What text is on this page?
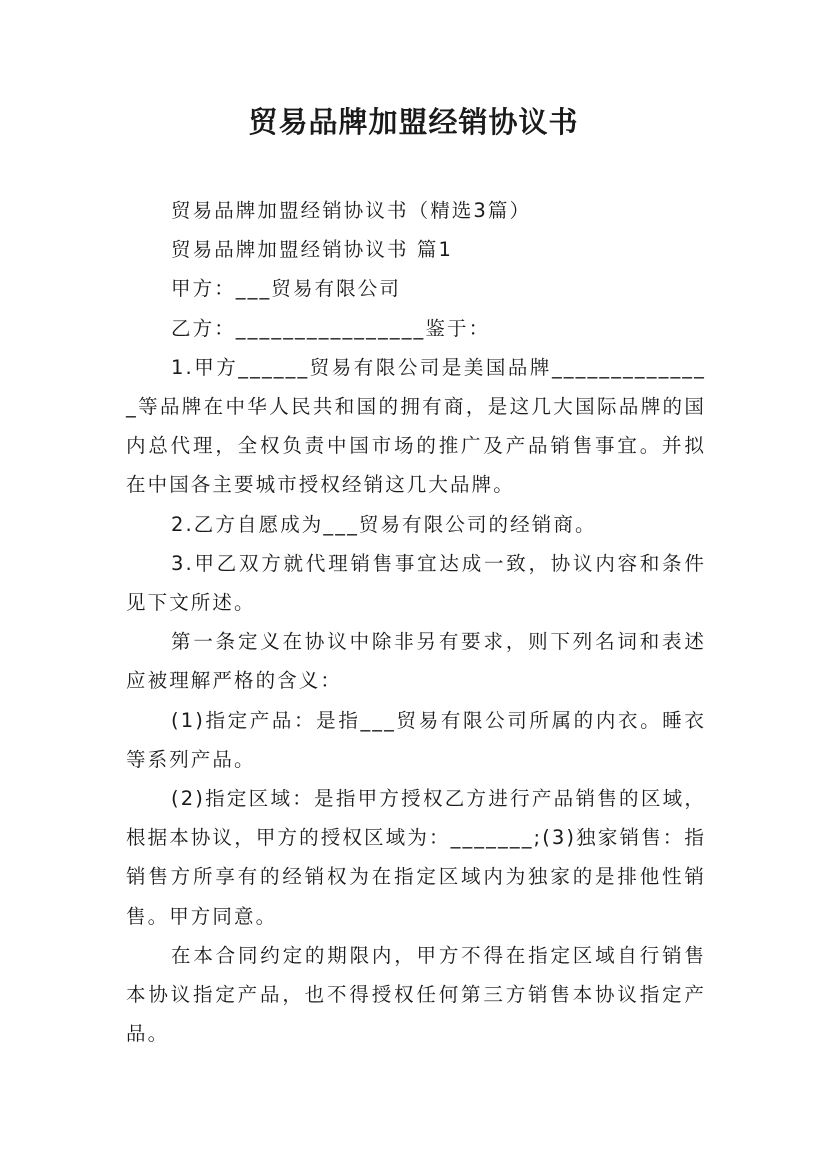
贸易品牌加盟经销协议书

贸易品牌加盟经销协议书（精选3篇）

贸易品牌加盟经销协议书 篇1

甲方：___贸易有限公司

乙方：________________鉴于：

1.甲方______贸易有限公司是美国品牌______________等品牌在中华人民共和国的拥有商，是这几大国际品牌的国内总代理，全权负责中国市场的推广及产品销售事宜。并拟在中国各主要城市授权经销这几大品牌。

2.乙方自愿成为___贸易有限公司的经销商。

3.甲乙双方就代理销售事宜达成一致，协议内容和条件见下文所述。

第一条定义在协议中除非另有要求，则下列名词和表述应被理解严格的含义：

(1)指定产品：是指___贸易有限公司所属的内衣。睡衣等系列产品。

(2)指定区域：是指甲方授权乙方进行产品销售的区域，根据本协议，甲方的授权区域为：_______;(3)独家销售：指销售方所享有的经销权为在指定区域内为独家的是排他性销售。甲方同意。

在本合同约定的期限内，甲方不得在指定区域自行销售本协议指定产品，也不得授权任何第三方销售本协议指定产品。
